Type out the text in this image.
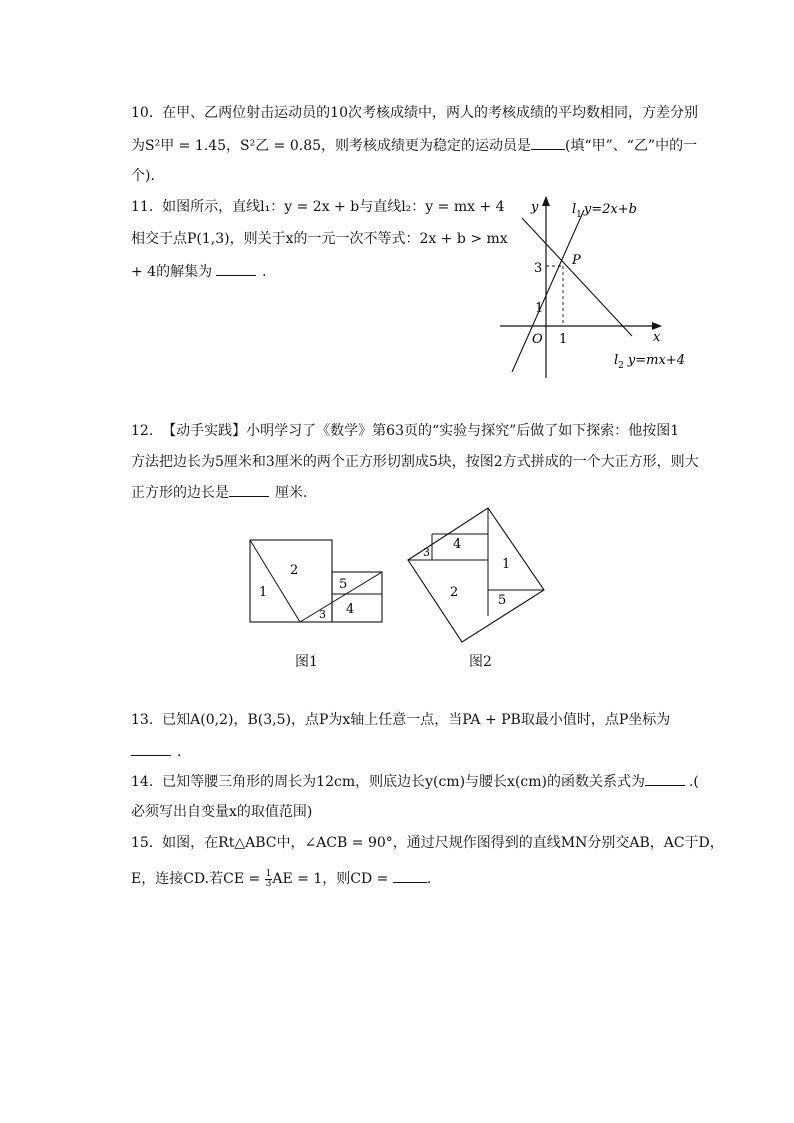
10.  在甲、乙两位射击运动员的10次考核成绩中，两人的考核成绩的平均数相同，方差分别
为S²甲 = 1.45，S²乙 = 0.85，则考核成绩更为稳定的运动员是 (填“甲”、“乙”中的一
个)．
11.  如图所示，直线l₁：y = 2x + b与直线l₂：y = mx + 4
相交于点P(1,3)，则关于x的一元一次不等式：2x + b > mx
+ 4的解集为	．
y
x
O
P
3
1
1
$l_1$ y=2x+b
$l_2$ y=mx+4
12.  【动手实践】小明学习了《数学》第63页的“实验与探究”后做了如下探索：他按图1
方法把边长为5厘米和3厘米的两个正方形切割成5块，按图2方式拼成的一个大正方形，则大
正方形的边长是	厘米．
1
2
3 4
5
图1
1
2
3
4
5
图2
13.  已知A(0,2)，B(3,5)，点P为x轴上任意一点，当PA + PB取最小值时，点P坐标为
．
14.  已知等腰三角形的周长为12cm，则底边长y(cm)与腰长x(cm)的函数关系式为	.(
必须写出自变量x的取值范围)
15.  如图，在Rt△ABC中，∠ACB = 90°，通过尺规作图得到的直线MN分别交AB，AC于D，
E，连接CD.若CE = $\frac{1}{3}$ AE = 1，则CD = .
